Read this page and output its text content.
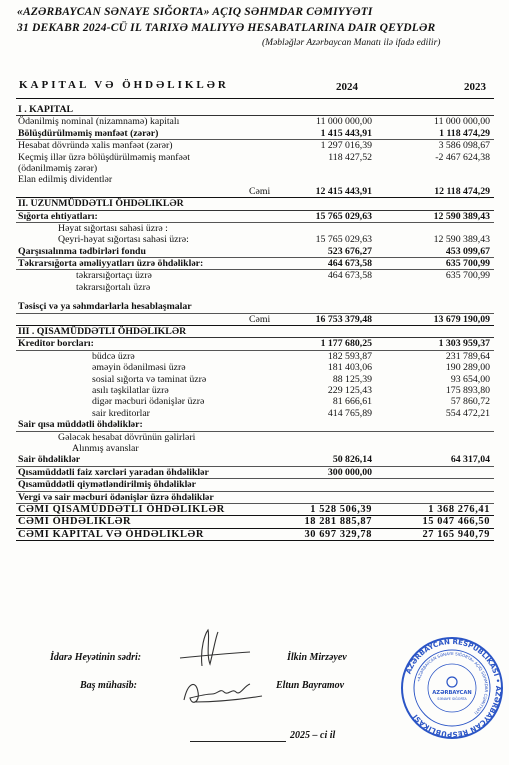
«AZƏRBAYCAN SƏNAYE SIĞORTA» AÇIQ SƏHMDAR CƏMIYYƏTI
31 DEKABR 2024-CÜ IL TARIXƏ MALIYYƏ HESABATLARINA DAIR QEYDLƏR
(Məbləğlər Azərbaycan Manatı ilə ifadə edilir)
KAPITAL VƏ ÖHDƏLIKLƏR	2024	2023
I . KAPITAL
Ödənilmiş nominal (nizamnamə) kapitalı	11 000 000,00	11 000 000,00
Bölüşdürülməmiş mənfəət (zərər)	1 415 443,91	1 118 474,29
Hesabat dövründə xalis mənfəət (zərər)	1 297 016,39	3 586 098,67
Keçmiş illər üzrə bölüşdürülməmiş mənfəət	118 427,52	-2 467 624,38
(ödənilməmiş zərər)
Elan edilmiş dividentlər
Cəmi	12 415 443,91	12 118 474,29
II. UZUNMÜDDƏTLI ÖHDƏLIKLƏR
Sığorta ehtiyatları:	15 765 029,63	12 590 389,43
Həyat sığortası sahəsi üzrə :
Qeyri-həyat sığortası sahəsi üzrə:	15 765 029,63	12 590 389,43
Qarşısıalınma tədbirləri fondu	523 676,27	453 099,67
Təkrarsığorta əməliyyatları üzrə öhdəliklər:	464 673,58	635 700,99
təkrarsığortaçı üzrə	464 673,58	635 700,99
təkrarsığortalı üzrə
Təsisçi və ya səhmdarlarla hesablaşmalar
Cəmi	16 753 379,48	13 679 190,09
III . QISAMÜDDƏTLI ÖHDƏLIKLƏR
Kreditor borcları:	1 177 680,25	1 303 959,37
büdcə üzrə	182 593,87	231 789,64
əməyin ödənilməsi üzrə	181 403,06	190 289,00
sosial sığorta və təminat üzrə	88 125,39	93 654,00
asılı təşkilatlar üzrə	229 125,43	175 893,80
digər məcburi ödənişlər üzrə	81 666,61	57 860,72
sair kreditorlar	414 765,89	554 472,21
Sair qısa müddətli öhdəliklər:
Gələcək hesabat dövrünün gəlirləri
Alınmış avanslar
Sair öhdəliklər	50 826,14	64 317,04
Qısamüddətli faiz xərcləri yaradan öhdəliklər	300 000,00
Qısamüddətli qiymətləndirilmiş öhdəliklər
Vergi və sair məcburi ödənişlər üzrə öhdəliklər
CƏMI QISAMÜDDƏTLI ÖHDƏLIKLƏR	1 528 506,39	1 368 276,41
CƏMI ÖHDƏLIKLƏR	18 281 885,87	15 047 466,50
CƏMI KAPITAL VƏ ÖHDƏLIKLƏR	30 697 329,78	27 165 940,79
İdarə Heyətinin sədri:	İlkin Mirzəyev
Baş mühasib:	Eltun Bayramov
2025 – ci il
AZƏRBAYCAN RESPUBLIKASI • AZƏRBAYCAN RESPUBLIKASI
«AZƏRBAYCAN SƏNAYE SIĞORTA» AÇIQ SƏHMDAR CƏMIYYƏTI
AZƏRBAYCAN
SƏNAYE SIĞORTA
